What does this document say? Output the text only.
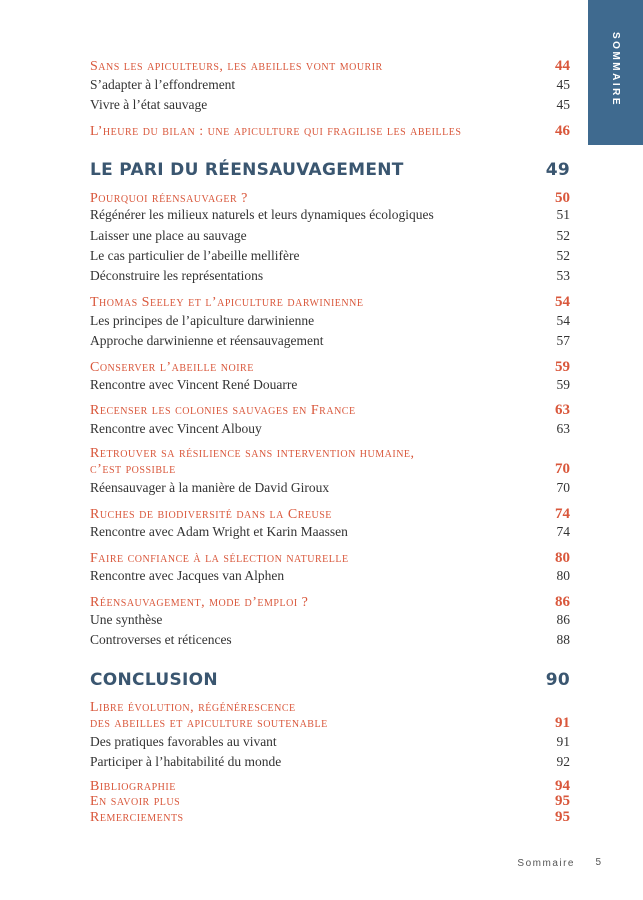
SOMMAIRE
Sans les apiculteurs, les abeilles vont mourir	44
S’adapter à l’effondrement	45
Vivre à l’état sauvage	45
L’heure du bilan : une apiculture qui fragilise les abeilles	46
LE PARI DU RÉENSAUVAGEMENT	49
Pourquoi réensauvager ?	50
Régénérer les milieux naturels et leurs dynamiques écologiques	51
Laisser une place au sauvage	52
Le cas particulier de l’abeille mellifère	52
Déconstruire les représentations	53
Thomas Seeley et l’apiculture darwinienne	54
Les principes de l’apiculture darwinienne	54
Approche darwinienne et réensauvagement	57
Conserver l’abeille noire	59
Rencontre avec Vincent René Douarre	59
Recenser les colonies sauvages en France	63
Rencontre avec Vincent Albouy	63
Retrouver sa résilience sans intervention humaine,
c’est possible	70
Réensauvager à la manière de David Giroux	70
Ruches de biodiversité dans la Creuse	74
Rencontre avec Adam Wright et Karin Maassen	74
Faire confiance à la sélection naturelle	80
Rencontre avec Jacques van Alphen	80
Réensauvagement, mode d’emploi ?	86
Une synthèse	86
Controverses et réticences	88
CONCLUSION	90
Libre évolution, régénérescence
des abeilles et apiculture soutenable	91
Des pratiques favorables au vivant	91
Participer à l’habitabilité du monde	92
Bibliographie	94
En savoir plus	95
Remerciements	95
Sommaire 5
